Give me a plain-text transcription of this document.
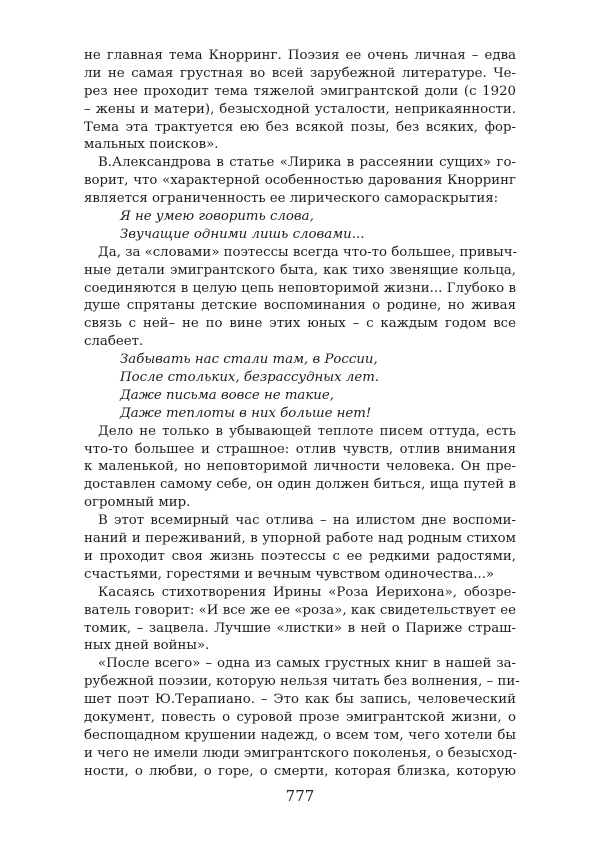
не главная тема Кнорринг. Поэзия ее очень личная – едва
ли не самая грустная во всей зарубежной литературе. Че-
рез нее проходит тема тяжелой эмигрантской доли (с 1920
– жены и матери), безысходной усталости, неприкаянности.
Тема эта трактуется ею без всякой позы, без всяких, фор-
мальных поисков».
В.Александрова в статье «Лирика в рассеянии сущих» го-
ворит, что «характерной особенностью дарования Кнорринг
является ограниченность ее лирического самораскрытия:
Я не умею говорить слова,
Звучащие одними лишь словами...
Да, за «словами» поэтессы всегда что-то большее, привыч-
ные детали эмигрантского быта, как тихо звенящие кольца,
соединяются в целую цепь неповторимой жизни... Глубоко в
душе спрятаны детские воспоминания о родине, но живая
связь с ней– не по вине этих юных – с каждым годом все
слабеет.
Забывать нас стали там, в России,
После стольких, безрассудных лет.
Даже письма вовсе не такие,
Даже теплоты в них больше нет!
Дело не только в убывающей теплоте писем оттуда, есть
что-то большее и страшное: отлив чувств, отлив внимания
к маленькой, но неповторимой личности человека. Он пре-
доставлен самому себе, он один должен биться, ища путей в
огромный мир.
В этот всемирный час отлива – на илистом дне воспоми-
наний и переживаний, в упорной работе над родным стихом
и проходит своя жизнь поэтессы с ее редкими радостями,
счастьями, горестями и вечным чувством одиночества...»
Касаясь стихотворения Ирины «Роза Иерихона», обозре-
ватель говорит: «И все же ее «роза», как свидетельствует ее
томик, – зацвела. Лучшие «листки» в ней о Париже страш-
ных дней войны».
«После всего» – одна из самых грустных книг в нашей за-
рубежной поэзии, которую нельзя читать без волнения, – пи-
шет поэт Ю.Терапиано. – Это как бы запись, человеческий
документ, повесть о суровой прозе эмигрантской жизни, о
беспощадном крушении надежд, о всем том, чего хотели бы
и чего не имели люди эмигрантского поколенья, о безысход-
ности, о любви, о горе, о смерти, которая близка, которую
777
